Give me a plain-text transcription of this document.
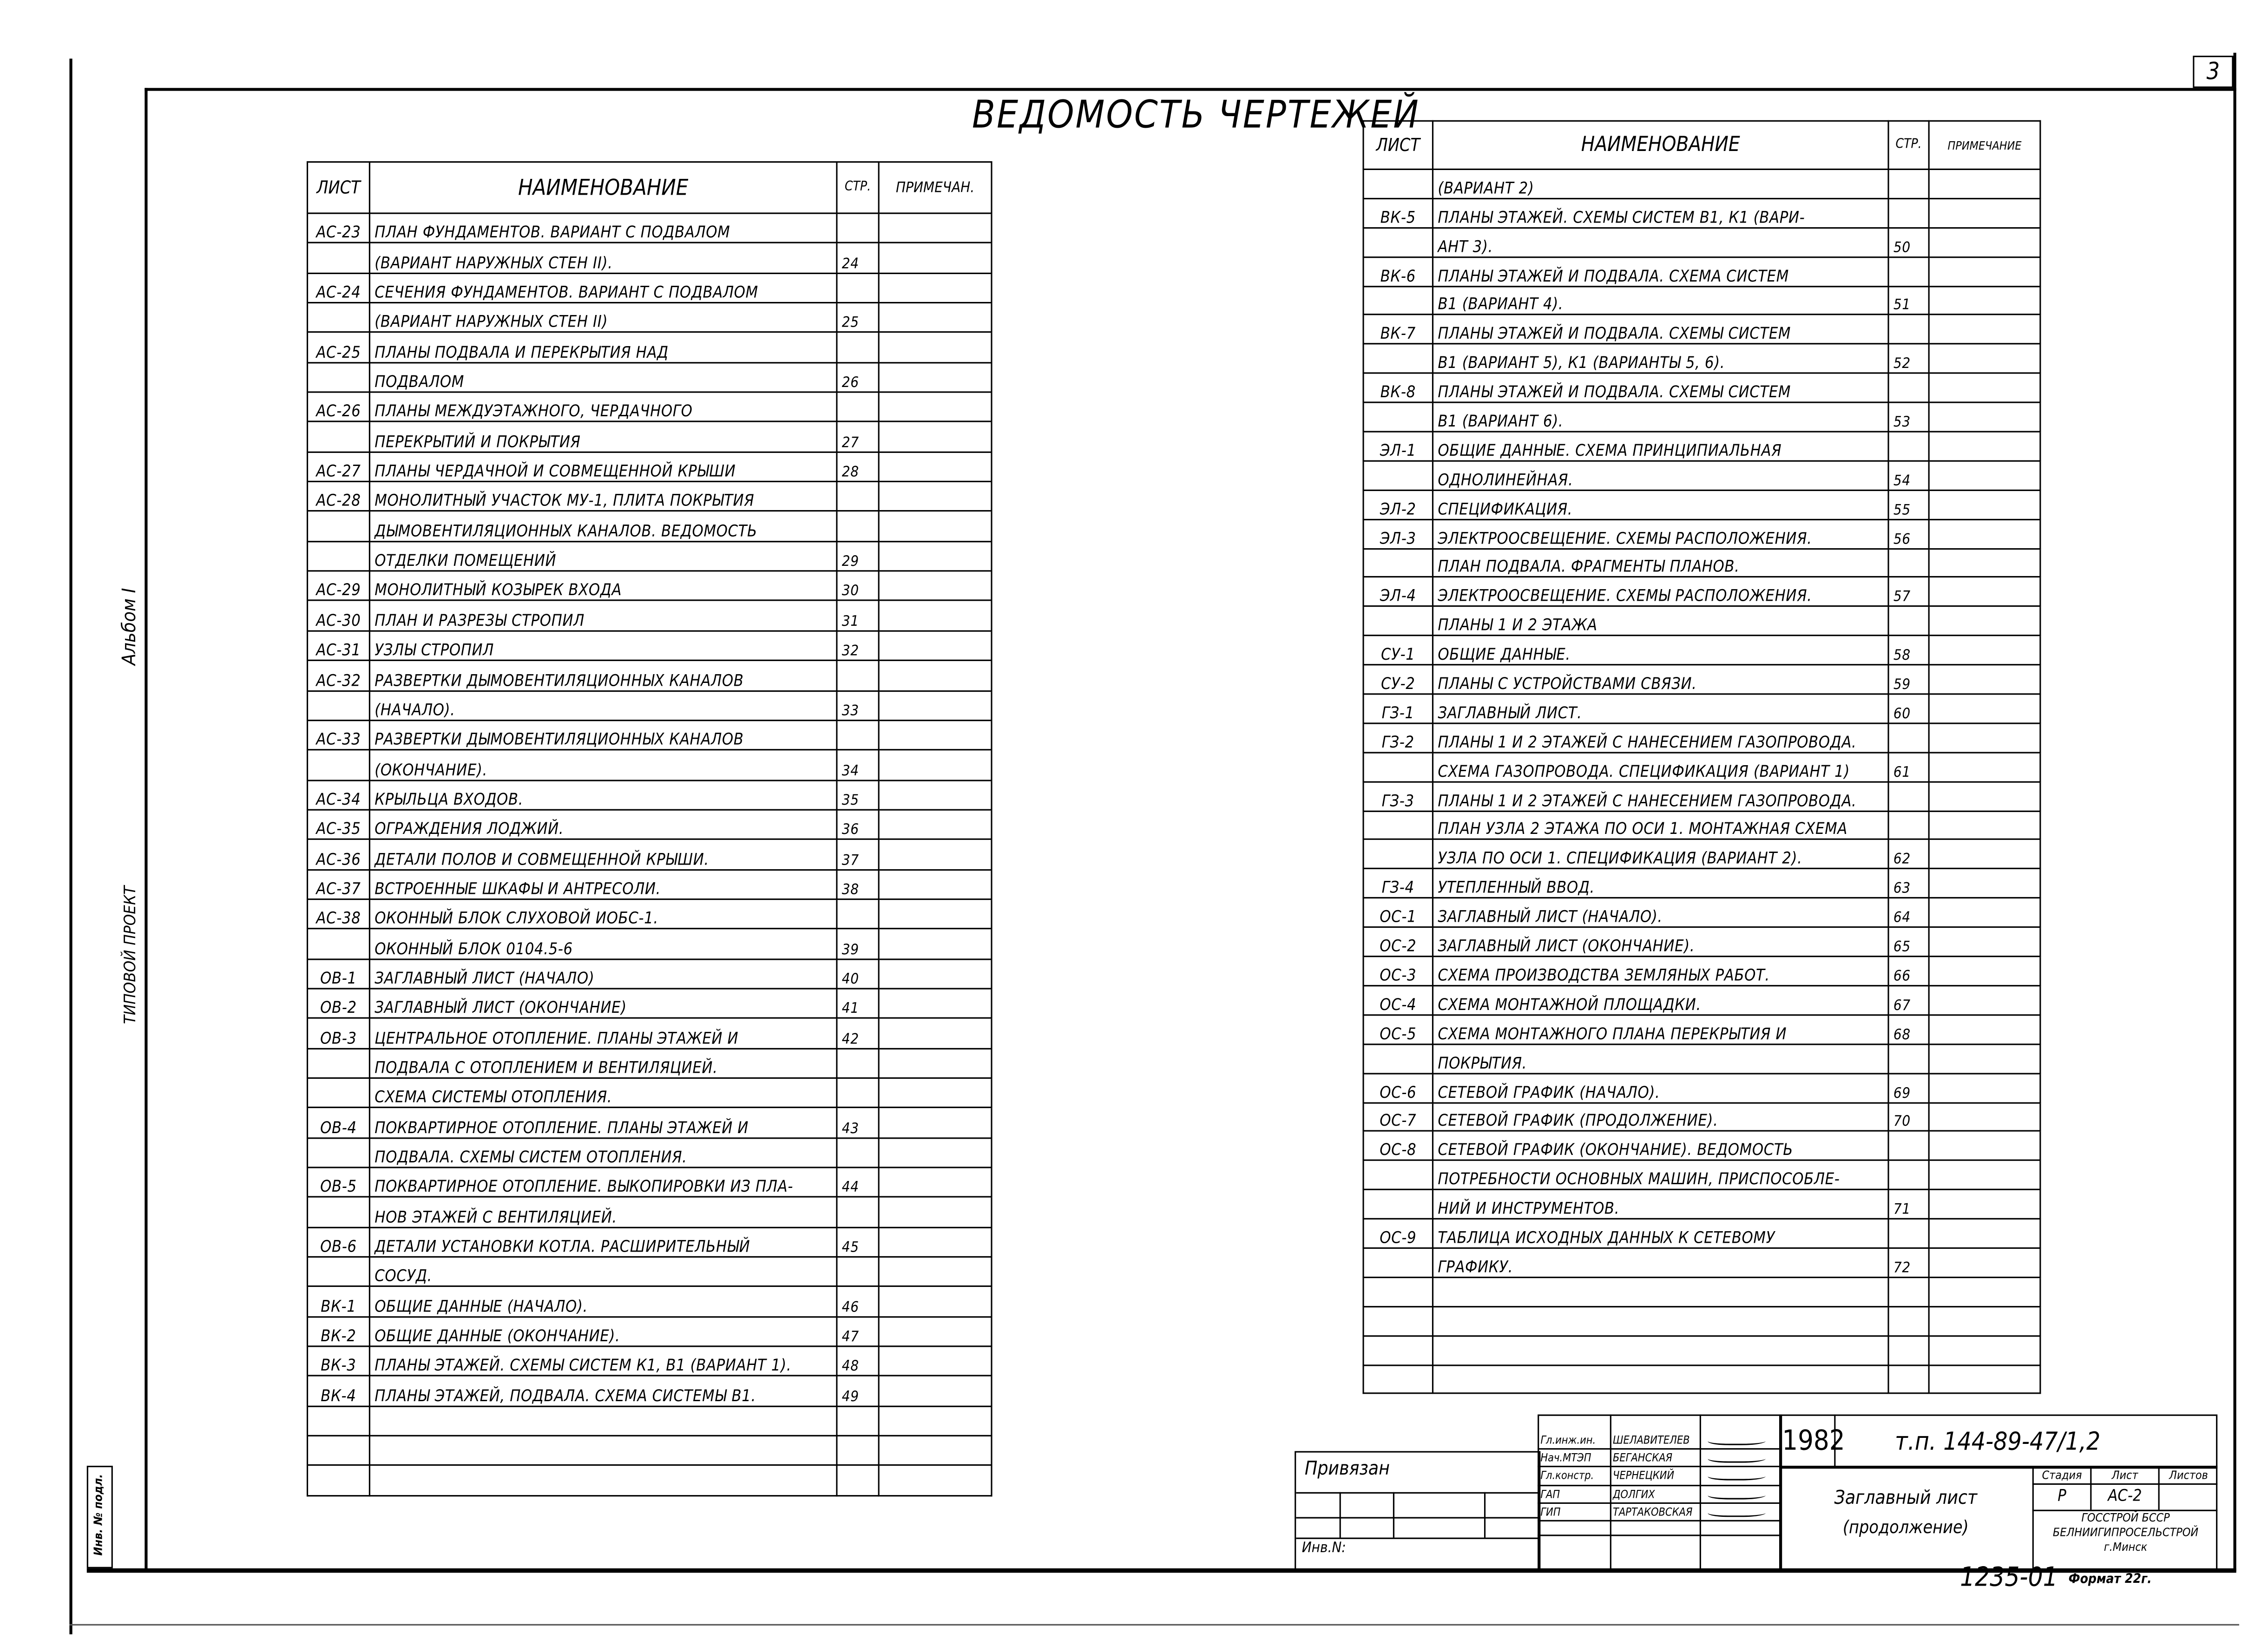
3
Альбом I
ТИПОВОЙ ПРОЕКТ
Инв. № подл.
ВЕДОМОСТЬ ЧЕРТЕЖЕЙ
ЛИСТ	НАИМЕНОВАНИЕ	СТР.	ПРИМЕЧАН.
АС-23	ПЛАН ФУНДАМЕНТОВ. ВАРИАНТ С ПОДВАЛОМ		
	(ВАРИАНТ НАРУЖНЫХ СТЕН II).	24	
АС-24	СЕЧЕНИЯ ФУНДАМЕНТОВ. ВАРИАНТ С ПОДВАЛОМ		
	(ВАРИАНТ НАРУЖНЫХ СТЕН II)	25	
АС-25	ПЛАНЫ ПОДВАЛА И ПЕРЕКРЫТИЯ НАД		
	ПОДВАЛОМ	26	
АС-26	ПЛАНЫ МЕЖДУЭТАЖНОГО, ЧЕРДАЧНОГО		
	ПЕРЕКРЫТИЙ И ПОКРЫТИЯ	27	
АС-27	ПЛАНЫ ЧЕРДАЧНОЙ И СОВМЕЩЕННОЙ КРЫШИ	28	
АС-28	МОНОЛИТНЫЙ УЧАСТОК МУ-1, ПЛИТА ПОКРЫТИЯ		
	ДЫМОВЕНТИЛЯЦИОННЫХ КАНАЛОВ. ВЕДОМОСТЬ		
	ОТДЕЛКИ ПОМЕЩЕНИЙ	29	
АС-29	МОНОЛИТНЫЙ КОЗЫРЕК ВХОДА	30	
АС-30	ПЛАН И РАЗРЕЗЫ СТРОПИЛ	31	
АС-31	УЗЛЫ СТРОПИЛ	32	
АС-32	РАЗВЕРТКИ ДЫМОВЕНТИЛЯЦИОННЫХ КАНАЛОВ		
	(НАЧАЛО).	33	
АС-33	РАЗВЕРТКИ ДЫМОВЕНТИЛЯЦИОННЫХ КАНАЛОВ		
	(ОКОНЧАНИЕ).	34	
АС-34	КРЫЛЬЦА ВХОДОВ.	35	
АС-35	ОГРАЖДЕНИЯ ЛОДЖИЙ.	36	
АС-36	ДЕТАЛИ ПОЛОВ И СОВМЕЩЕННОЙ КРЫШИ.	37	
АС-37	ВСТРОЕННЫЕ ШКАФЫ И АНТРЕСОЛИ.	38	
АС-38	ОКОННЫЙ БЛОК СЛУХОВОЙ ИОБС-1.		
	ОКОННЫЙ БЛОК 0104.5-6	39	
ОВ-1	ЗАГЛАВНЫЙ ЛИСТ (НАЧАЛО)	40	
ОВ-2	ЗАГЛАВНЫЙ ЛИСТ (ОКОНЧАНИЕ)	41	
ОВ-3	ЦЕНТРАЛЬНОЕ ОТОПЛЕНИЕ. ПЛАНЫ ЭТАЖЕЙ И	42	
	ПОДВАЛА С ОТОПЛЕНИЕМ И ВЕНТИЛЯЦИЕЙ.		
	СХЕМА СИСТЕМЫ ОТОПЛЕНИЯ.		
ОВ-4	ПОКВАРТИРНОЕ ОТОПЛЕНИЕ. ПЛАНЫ ЭТАЖЕЙ И	43	
	ПОДВАЛА. СХЕМЫ СИСТЕМ ОТОПЛЕНИЯ.		
ОВ-5	ПОКВАРТИРНОЕ ОТОПЛЕНИЕ. ВЫКОПИРОВКИ ИЗ ПЛА-	44	
	НОВ ЭТАЖЕЙ С ВЕНТИЛЯЦИЕЙ.		
ОВ-6	ДЕТАЛИ УСТАНОВКИ КОТЛА. РАСШИРИТЕЛЬНЫЙ	45	
	СОСУД.		
ВК-1	ОБЩИЕ ДАННЫЕ (НАЧАЛО).	46	
ВК-2	ОБЩИЕ ДАННЫЕ (ОКОНЧАНИЕ).	47	
ВК-3	ПЛАНЫ ЭТАЖЕЙ. СХЕМЫ СИСТЕМ К1, В1 (ВАРИАНТ 1).	48	
ВК-4	ПЛАНЫ ЭТАЖЕЙ, ПОДВАЛА. СХЕМА СИСТЕМЫ В1.	49	

ЛИСТ	НАИМЕНОВАНИЕ	СТР.	ПРИМЕЧАНИЕ
	(ВАРИАНТ 2)		
ВК-5	ПЛАНЫ ЭТАЖЕЙ. СХЕМЫ СИСТЕМ В1, К1 (ВАРИ-		
	АНТ 3).	50	
ВК-6	ПЛАНЫ ЭТАЖЕЙ И ПОДВАЛА. СХЕМА СИСТЕМ		
	В1 (ВАРИАНТ 4).	51	
ВК-7	ПЛАНЫ ЭТАЖЕЙ И ПОДВАЛА. СХЕМЫ СИСТЕМ		
	В1 (ВАРИАНТ 5), К1 (ВАРИАНТЫ 5, 6).	52	
ВК-8	ПЛАНЫ ЭТАЖЕЙ И ПОДВАЛА. СХЕМЫ СИСТЕМ		
	В1 (ВАРИАНТ 6).	53	
ЭЛ-1	ОБЩИЕ ДАННЫЕ. СХЕМА ПРИНЦИПИАЛЬНАЯ		
	ОДНОЛИНЕЙНАЯ.	54	
ЭЛ-2	СПЕЦИФИКАЦИЯ.	55	
ЭЛ-3	ЭЛЕКТРООСВЕЩЕНИЕ. СХЕМЫ РАСПОЛОЖЕНИЯ.	56	
	ПЛАН ПОДВАЛА. ФРАГМЕНТЫ ПЛАНОВ.		
ЭЛ-4	ЭЛЕКТРООСВЕЩЕНИЕ. СХЕМЫ РАСПОЛОЖЕНИЯ.	57	
	ПЛАНЫ 1 И 2 ЭТАЖА		
СУ-1	ОБЩИЕ ДАННЫЕ.	58	
СУ-2	ПЛАНЫ С УСТРОЙСТВАМИ СВЯЗИ.	59	
ГЗ-1	ЗАГЛАВНЫЙ ЛИСТ.	60	
ГЗ-2	ПЛАНЫ 1 И 2 ЭТАЖЕЙ С НАНЕСЕНИЕМ ГАЗОПРОВОДА.		
	СХЕМА ГАЗОПРОВОДА. СПЕЦИФИКАЦИЯ (ВАРИАНТ 1)	61	
ГЗ-3	ПЛАНЫ 1 И 2 ЭТАЖЕЙ С НАНЕСЕНИЕМ ГАЗОПРОВОДА.		
	ПЛАН УЗЛА 2 ЭТАЖА ПО ОСИ 1. МОНТАЖНАЯ СХЕМА		
	УЗЛА ПО ОСИ 1. СПЕЦИФИКАЦИЯ (ВАРИАНТ 2).	62	
ГЗ-4	УТЕПЛЕННЫЙ ВВОД.	63	
ОС-1	ЗАГЛАВНЫЙ ЛИСТ (НАЧАЛО).	64	
ОС-2	ЗАГЛАВНЫЙ ЛИСТ (ОКОНЧАНИЕ).	65	
ОС-3	СХЕМА ПРОИЗВОДСТВА ЗЕМЛЯНЫХ РАБОТ.	66	
ОС-4	СХЕМА МОНТАЖНОЙ ПЛОЩАДКИ.	67	
ОС-5	СХЕМА МОНТАЖНОГО ПЛАНА ПЕРЕКРЫТИЯ И	68	
	ПОКРЫТИЯ.		
ОС-6	СЕТЕВОЙ ГРАФИК (НАЧАЛО).	69	
ОС-7	СЕТЕВОЙ ГРАФИК (ПРОДОЛЖЕНИЕ).	70	
ОС-8	СЕТЕВОЙ ГРАФИК (ОКОНЧАНИЕ). ВЕДОМОСТЬ		
	ПОТРЕБНОСТИ ОСНОВНЫХ МАШИН, ПРИСПОСОБЛЕ-		
	НИЙ И ИНСТРУМЕНТОВ.	71	
ОС-9	ТАБЛИЦА ИСХОДНЫХ ДАННЫХ К СЕТЕВОМУ		
	ГРАФИКУ.	72	

Привязан
Инв.N:
Гл.инж.ин.	ШЕЛАВИТЕЛЕВ
Нач.МТЭП	БЕГАНСКАЯ
Гл.констр.	ЧЕРНЕЦКИЙ
ГАП	ДОЛГИХ
ГИП	ТАРТАКОВСКАЯ
1982	т.п. 144-89-47/1,2
Заглавный лист
(продолжение)
Стадия	Лист	Листов
Р	АС-2
ГОССТРОЙ БССР
БЕЛНИИГИПРОСЕЛЬСТРОЙ
г.Минск
1235-01	Формат 22г.
